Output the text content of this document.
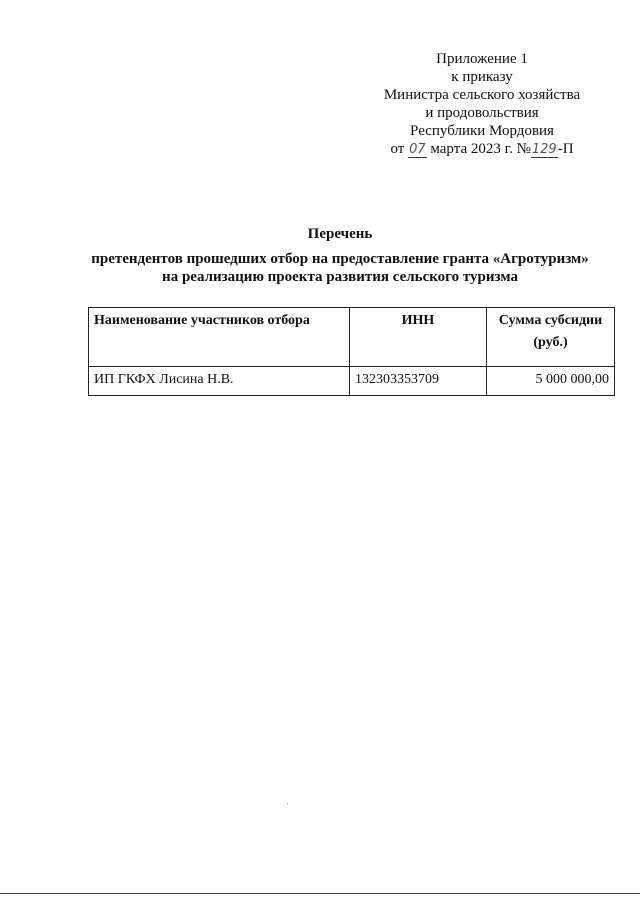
Приложение 1
к приказу
Министра сельского хозяйства
и продовольствия
Республики Мордовия
от 07 марта 2023 г. №129-П
Перечень
претендентов прошедших отбор на предоставление гранта «Агротуризм»
на реализацию проекта развития сельского туризма
Наименование участников отбора	ИНН	Сумма субсидии (руб.)
ИП ГКФХ Лисина Н.В.	132303353709	5 000 000,00
